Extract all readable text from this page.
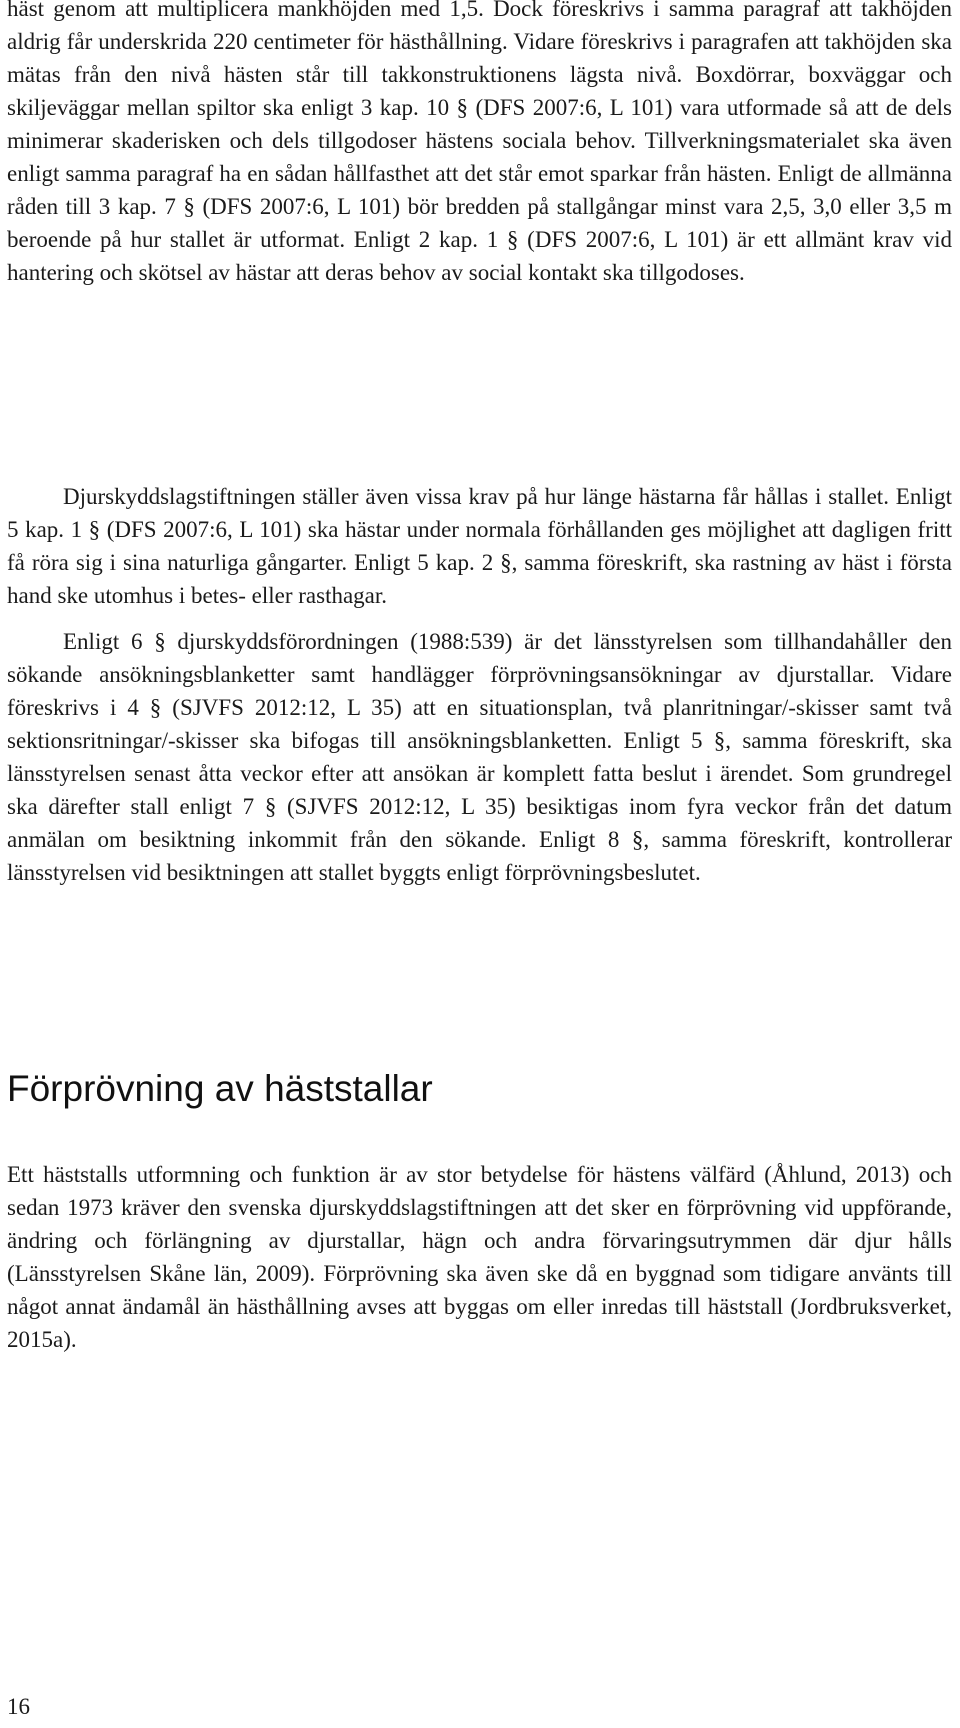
häst genom att multiplicera mankhöjden med 1,5. Dock föreskrivs i samma paragraf att takhöjden aldrig får underskrida 220 centimeter för hästhållning. Vidare föreskrivs i paragrafen att takhöjden ska mätas från den nivå hästen står till takkonstruktionens lägsta nivå. Boxdörrar, boxväggar och skiljeväggar mellan spiltor ska enligt 3 kap. 10 § (DFS 2007:6, L 101) vara utformade så att de dels minimerar skaderisken och dels tillgodoser hästens sociala behov. Tillverkningsmaterialet ska även enligt samma paragraf ha en sådan hållfasthet att det står emot sparkar från hästen. Enligt de allmänna råden till 3 kap. 7 § (DFS 2007:6, L 101) bör bredden på stallgångar minst vara 2,5, 3,0 eller 3,5 m beroende på hur stallet är utformat. Enligt 2 kap. 1 § (DFS 2007:6, L 101) är ett allmänt krav vid hantering och skötsel av hästar att deras behov av social kontakt ska tillgodoses.

Djurskyddslagstiftningen ställer även vissa krav på hur länge hästarna får hållas i stallet. Enligt 5 kap. 1 § (DFS 2007:6, L 101) ska hästar under normala förhållanden ges möjlighet att dagligen fritt få röra sig i sina naturliga gångarter. Enligt 5 kap. 2 §, samma föreskrift, ska rastning av häst i första hand ske utomhus i betes- eller rasthagar.

Enligt 6 § djurskyddsförordningen (1988:539) är det länsstyrelsen som tillhandahåller den sökande ansökningsblanketter samt handlägger förprövningsansökningar av djurstallar. Vidare föreskrivs i 4 § (SJVFS 2012:12, L 35) att en situationsplan, två planritningar/-skisser samt två sektionsritningar/-skisser ska bifogas till ansökningsblanketten. Enligt 5 §, samma föreskrift, ska länsstyrelsen senast åtta veckor efter att ansökan är komplett fatta beslut i ärendet. Som grundregel ska därefter stall enligt 7 § (SJVFS 2012:12, L 35) besiktigas inom fyra veckor från det datum anmälan om besiktning inkommit från den sökande. Enligt 8 §, samma föreskrift, kontrollerar länsstyrelsen vid besiktningen att stallet byggts enligt förprövningsbeslutet.

Förprövning av häststallar

Ett häststalls utformning och funktion är av stor betydelse för hästens välfärd (Åhlund, 2013) och sedan 1973 kräver den svenska djurskyddslagstiftningen att det sker en förprövning vid uppförande, ändring och förlängning av djurstallar, hägn och andra förvaringsutrymmen där djur hålls (Länsstyrelsen Skåne län, 2009). Förprövning ska även ske då en byggnad som tidigare använts till något annat ändamål än hästhållning avses att byggas om eller inredas till häststall (Jordbruksverket, 2015a).

16
